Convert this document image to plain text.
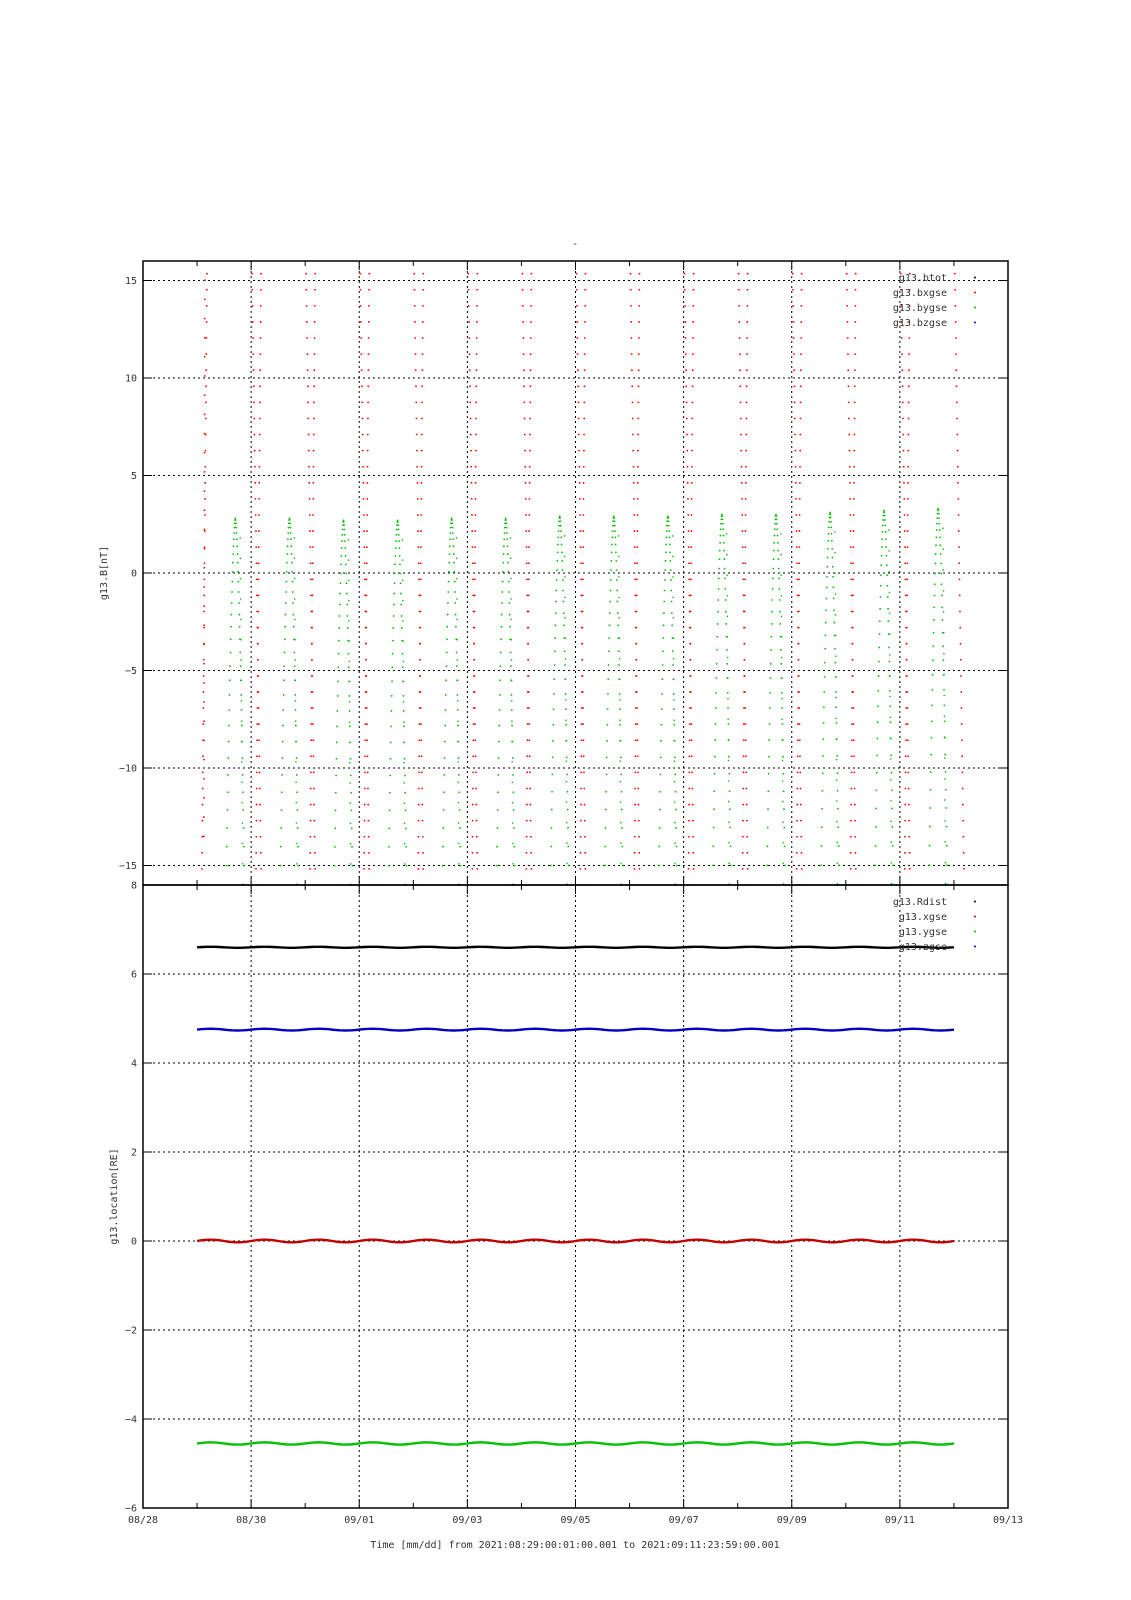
-
−15
−10
−5
0
5
10
15
g13.B[nT]
g13.btot
g13.bxgse
g13.bygse
g13.bzgse
−6
−4
−2
0
2
4
6
8
08/28	08/30	09/01	09/03	09/05	09/07	09/09	09/11	09/13
g13.location[RE]
g13.Rdist
g13.xgse
g13.ygse
g13.zgse
Time [mm/dd] from 2021:08:29:00:01:00.001 to 2021:09:11:23:59:00.001
